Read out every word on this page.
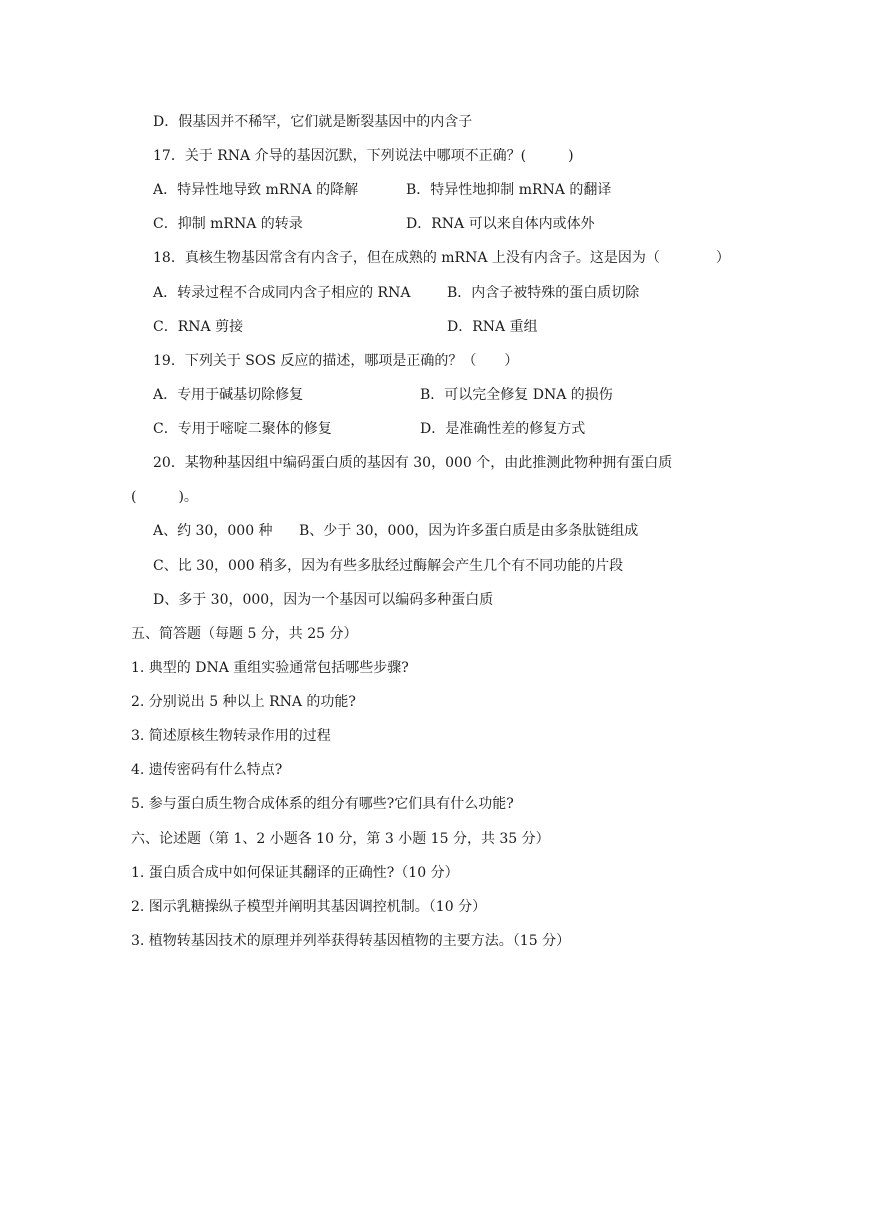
D．假基因并不稀罕，它们就是断裂基因中的内含子
17．关于 RNA 介导的基因沉默，下列说法中哪项不正确？(　　　)
A．特异性地导致 mRNA 的降解	B．特异性地抑制 mRNA 的翻译
C．抑制 mRNA 的转录	D．RNA 可以来自体内或体外
18．真核生物基因常含有内含子，但在成熟的 mRNA 上没有内含子。这是因为（　　　　）
A．转录过程不合成同内含子相应的 RNA	B．内含子被特殊的蛋白质切除
C．RNA 剪接	D．RNA 重组
19．下列关于 SOS 反应的描述，哪项是正确的？（　　）
A．专用于碱基切除修复	B．可以完全修复 DNA 的损伤
C．专用于嘧啶二聚体的修复	D．是准确性差的修复方式
20．某物种基因组中编码蛋白质的基因有 30，000 个，由此推测此物种拥有蛋白质
(　　　)。
A、约 30，000 种 B、少于 30，000，因为许多蛋白质是由多条肽链组成
C、比 30，000 稍多，因为有些多肽经过酶解会产生几个有不同功能的片段
D、多于 30，000，因为一个基因可以编码多种蛋白质
五、简答题（每题 5 分，共 25 分）
1. 典型的 DNA 重组实验通常包括哪些步骤?
2. 分别说出 5 种以上 RNA 的功能?
3. 简述原核生物转录作用的过程
4. 遗传密码有什么特点?
5. 参与蛋白质生物合成体系的组分有哪些?它们具有什么功能?
六、论述题（第 1、2 小题各 10 分，第 3 小题 15 分，共 35 分）
1. 蛋白质合成中如何保证其翻译的正确性?（10 分）
2. 图示乳糖操纵子模型并阐明其基因调控机制。（10 分）
3. 植物转基因技术的原理并列举获得转基因植物的主要方法。（15 分）
